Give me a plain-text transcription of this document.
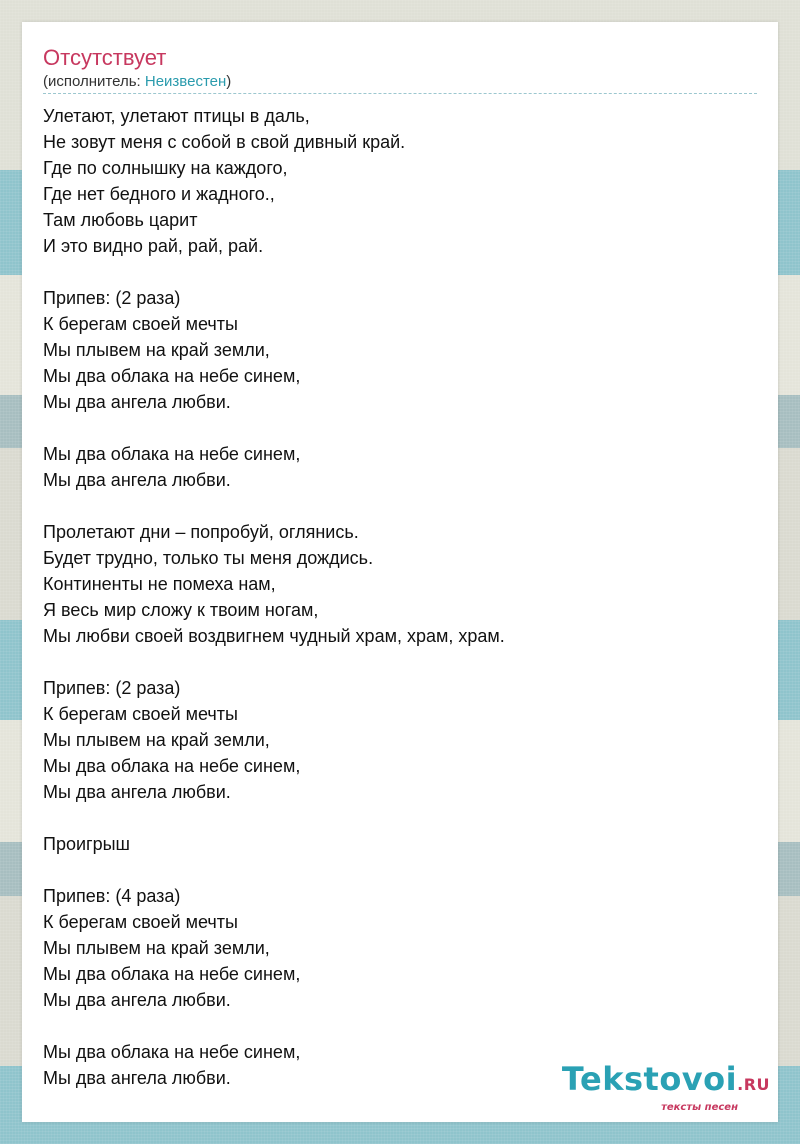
Отсутствует
(исполнитель: Неизвестен)
Улетают, улетают птицы в даль,
Не зовут меня с собой в свой дивный край.
Где по солнышку на каждого,
Где нет бедного и жадного.,
Там любовь царит
И это видно рай, рай, рай.

Припев: (2 раза)
К берегам своей мечты
Мы плывем на край земли,
Мы два облака на небе синем,
Мы два ангела любви.

Мы два облака на небе синем,
Мы два ангела любви.

Пролетают дни – попробуй, оглянись.
Будет трудно, только ты меня дождись.
Континенты не помеха нам,
Я весь мир сложу к твоим ногам,
Мы любви своей воздвигнем чудный храм, храм, храм.

Припев: (2 раза)
К берегам своей мечты
Мы плывем на край земли,
Мы два облака на небе синем,
Мы два ангела любви.

Проигрыш

Припев: (4 раза)
К берегам своей мечты
Мы плывем на край земли,
Мы два облака на небе синем,
Мы два ангела любви.

Мы два облака на небе синем,
Мы два ангела любви.	Tekstovoi.RU
тексты песен
